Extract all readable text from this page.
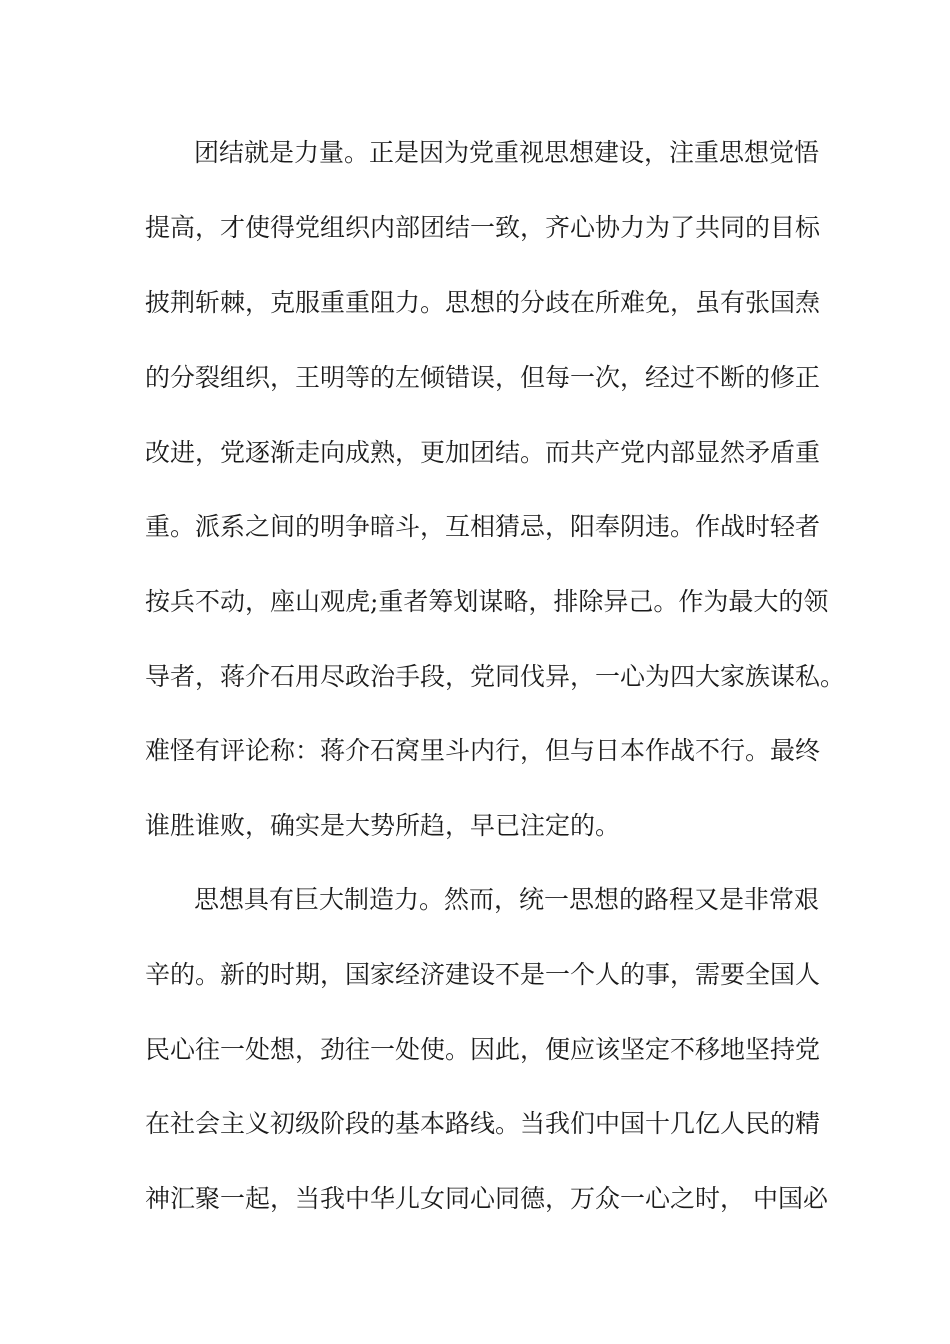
团结就是力量。正是因为党重视思想建设，注重思想觉悟
提高，才使得党组织内部团结一致，齐心协力为了共同的目标
披荆斩棘，克服重重阻力。思想的分歧在所难免，虽有张国焘
的分裂组织，王明等的左倾错误，但每一次，经过不断的修正
改进，党逐渐走向成熟，更加团结。而共产党内部显然矛盾重
重。派系之间的明争暗斗，互相猜忌，阳奉阴违。作战时轻者
按兵不动，座山观虎;重者筹划谋略，排除异己。作为最大的领
导者，蒋介石用尽政治手段，党同伐异，一心为四大家族谋私。
难怪有评论称：蒋介石窝里斗内行，但与日本作战不行。最终
谁胜谁败，确实是大势所趋，早已注定的。
思想具有巨大制造力。然而，统一思想的路程又是非常艰
辛的。新的时期，国家经济建设不是一个人的事，需要全国人
民心往一处想，劲往一处使。因此，便应该坚定不移地坚持党
在社会主义初级阶段的基本路线。当我们中国十几亿人民的精
神汇聚一起，当我中华儿女同心同德，万众一心之时， 中国必
